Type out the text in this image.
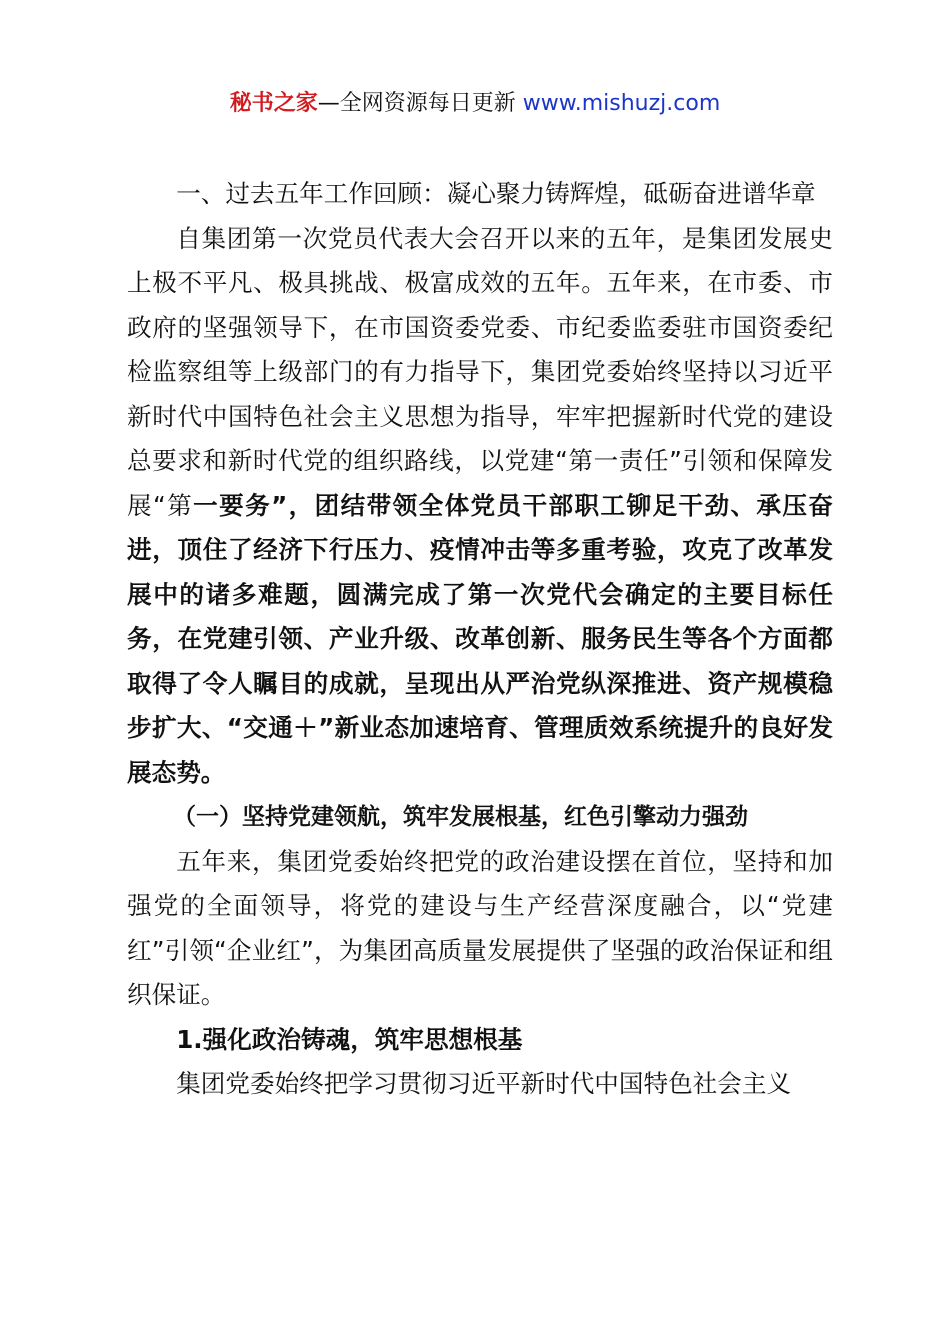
秘书之家—全网资源每日更新 www.mishuzj.com

一、过去五年工作回顾：凝心聚力铸辉煌，砥砺奋进谱华章

自集团第一次党员代表大会召开以来的五年，是集团发展史上极不平凡、极具挑战、极富成效的五年。五年来，在市委、市政府的坚强领导下，在市国资委党委、市纪委监委驻市国资委纪检监察组等上级部门的有力指导下，集团党委始终坚持以习近平新时代中国特色社会主义思想为指导，牢牢把握新时代党的建设总要求和新时代党的组织路线，以党建“第一责任”引领和保障发展“第一要务”，团结带领全体党员干部职工铆足干劲、承压奋进，顶住了经济下行压力、疫情冲击等多重考验，攻克了改革发展中的诸多难题，圆满完成了第一次党代会确定的主要目标任务，在党建引领、产业升级、改革创新、服务民生等各个方面都取得了令人瞩目的成就，呈现出从严治党纵深推进、资产规模稳步扩大、“交通＋”新业态加速培育、管理质效系统提升的良好发展态势。

（一）坚持党建领航，筑牢发展根基，红色引擎动力强劲

五年来，集团党委始终把党的政治建设摆在首位，坚持和加强党的全面领导，将党的建设与生产经营深度融合，以“党建红”引领“企业红”，为集团高质量发展提供了坚强的政治保证和组织保证。

1.强化政治铸魂，筑牢思想根基

集团党委始终把学习贯彻习近平新时代中国特色社会主义
